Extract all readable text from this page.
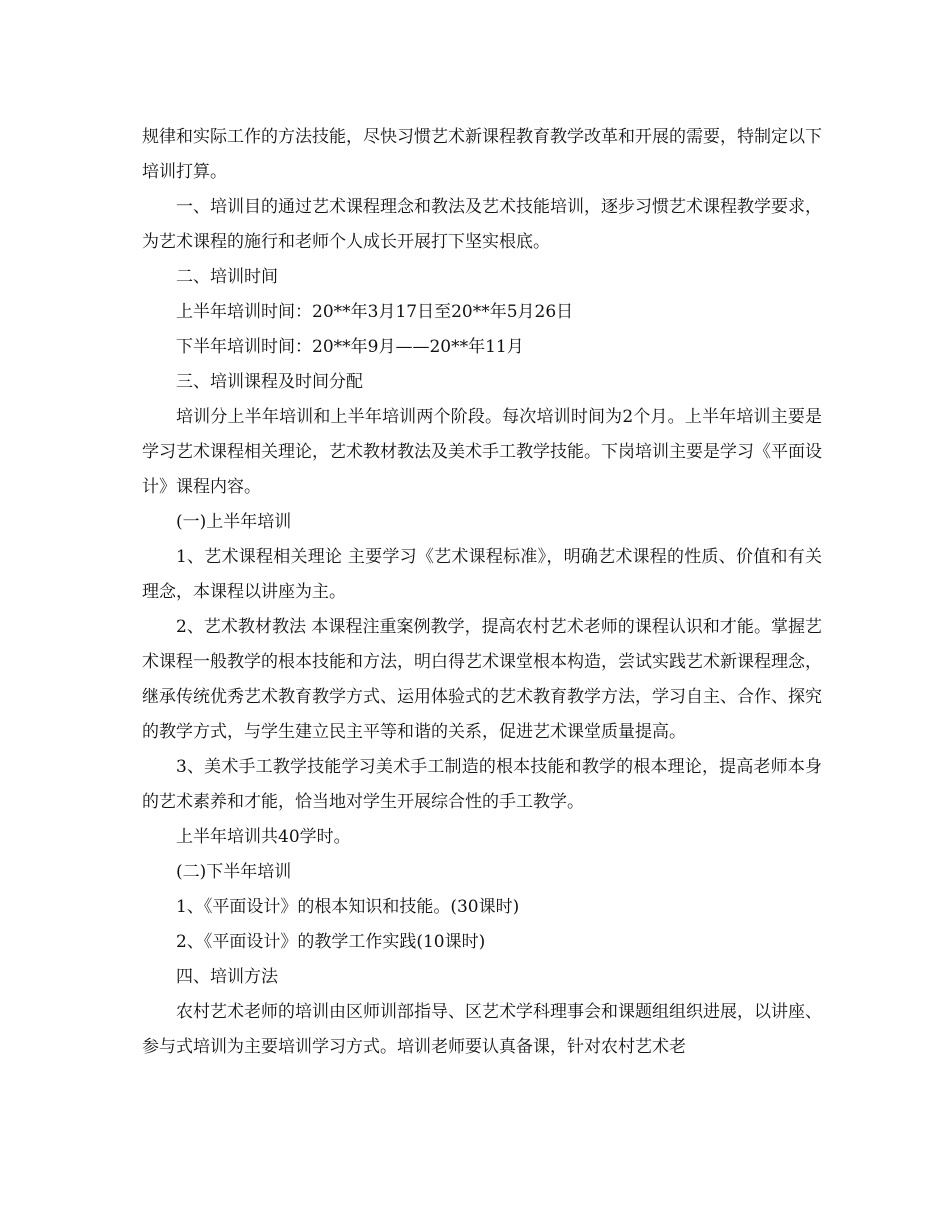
规律和实际工作的方法技能，尽快习惯艺术新课程教育教学改革和开展的需要，特制定以下培训打算。

一、培训目的通过艺术课程理念和教法及艺术技能培训，逐步习惯艺术课程教学要求，为艺术课程的施行和老师个人成长开展打下坚实根底。

二、培训时间

上半年培训时间：20**年3月17日至20**年5月26日

下半年培训时间：20**年9月——20**年11月

三、培训课程及时间分配

培训分上半年培训和上半年培训两个阶段。每次培训时间为2个月。上半年培训主要是学习艺术课程相关理论，艺术教材教法及美术手工教学技能。下岗培训主要是学习《平面设计》课程内容。

(一)上半年培训

1、艺术课程相关理论 主要学习《艺术课程标准》，明确艺术课程的性质、价值和有关理念，本课程以讲座为主。

2、艺术教材教法 本课程注重案例教学，提高农村艺术老师的课程认识和才能。掌握艺术课程一般教学的根本技能和方法，明白得艺术课堂根本构造，尝试实践艺术新课程理念，继承传统优秀艺术教育教学方式、运用体验式的艺术教育教学方法，学习自主、合作、探究的教学方式，与学生建立民主平等和谐的关系，促进艺术课堂质量提高。

3、美术手工教学技能学习美术手工制造的根本技能和教学的根本理论，提高老师本身的艺术素养和才能，恰当地对学生开展综合性的手工教学。

上半年培训共40学时。

(二)下半年培训

1、《平面设计》的根本知识和技能。(30课时)

2、《平面设计》的教学工作实践(10课时)

四、培训方法

农村艺术老师的培训由区师训部指导、区艺术学科理事会和课题组组织进展，以讲座、参与式培训为主要培训学习方式。培训老师要认真备课，针对农村艺术老
